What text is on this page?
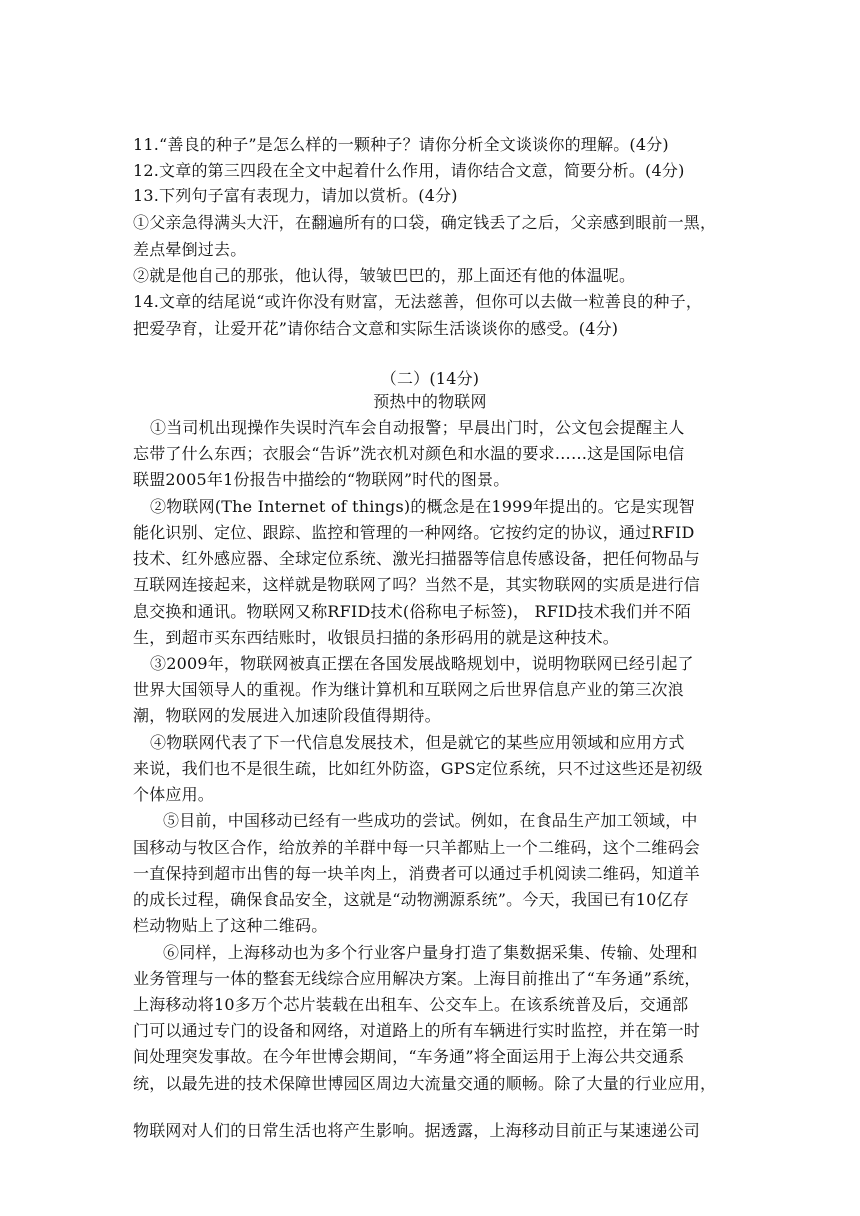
11.“善良的种子”是怎么样的一颗种子？请你分析全文谈谈你的理解。(4分)
12.文章的第三四段在全文中起着什么作用，请你结合文意，简要分析。(4分)
13.下列句子富有表现力，请加以赏析。(4分)
①父亲急得满头大汗，在翻遍所有的口袋，确定钱丢了之后，父亲感到眼前一黑，
差点晕倒过去。
②就是他自己的那张，他认得，皱皱巴巴的，那上面还有他的体温呢。
14.文章的结尾说“或许你没有财富，无法慈善，但你可以去做一粒善良的种子，
把爱孕育，让爱开花”请你结合文意和实际生活谈谈你的感受。(4分)
（二）(14分)
预热中的物联网
①当司机出现操作失误时汽车会自动报警；早晨出门时，公文包会提醒主人
忘带了什么东西；衣服会“告诉”洗衣机对颜色和水温的要求……这是国际电信
联盟2005年1份报告中描绘的“物联网”时代的图景。
②物联网(The Internet of things)的概念是在1999年提出的。它是实现智
能化识别、定位、跟踪、监控和管理的一种网络。它按约定的协议，通过RFID
技术、红外感应器、全球定位系统、激光扫描器等信息传感设备，把任何物品与
互联网连接起来，这样就是物联网了吗？当然不是，其实物联网的实质是进行信
息交换和通讯。物联网又称RFID技术(俗称电子标签)， RFID技术我们并不陌
生，到超市买东西结账时，收银员扫描的条形码用的就是这种技术。
③2009年，物联网被真正摆在各国发展战略规划中，说明物联网已经引起了
世界大国领导人的重视。作为继计算机和互联网之后世界信息产业的第三次浪
潮，物联网的发展进入加速阶段值得期待。
④物联网代表了下一代信息发展技术，但是就它的某些应用领域和应用方式
来说，我们也不是很生疏，比如红外防盗，GPS定位系统，只不过这些还是初级
个体应用。
⑤目前，中国移动已经有一些成功的尝试。例如，在食品生产加工领域，中
国移动与牧区合作，给放养的羊群中每一只羊都贴上一个二维码，这个二维码会
一直保持到超市出售的每一块羊肉上，消费者可以通过手机阅读二维码，知道羊
的成长过程，确保食品安全，这就是“动物溯源系统”。今天，我国已有10亿存
栏动物贴上了这种二维码。
⑥同样，上海移动也为多个行业客户量身打造了集数据采集、传输、处理和
业务管理与一体的整套无线综合应用解决方案。上海目前推出了“车务通”系统，
上海移动将10多万个芯片装载在出租车、公交车上。在该系统普及后，交通部
门可以通过专门的设备和网络，对道路上的所有车辆进行实时监控，并在第一时
间处理突发事故。在今年世博会期间，“车务通”将全面运用于上海公共交通系
统，以最先进的技术保障世博园区周边大流量交通的顺畅。除了大量的行业应用，
物联网对人们的日常生活也将产生影响。据透露，上海移动目前正与某速递公司
